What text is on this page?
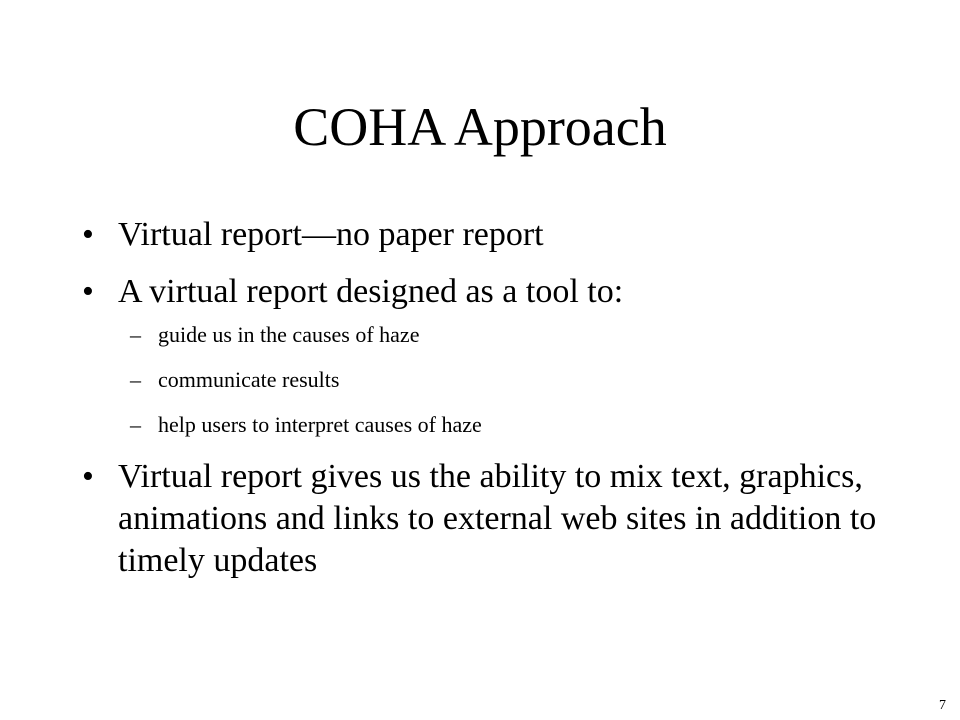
COHA Approach
• Virtual report—no paper report
• A virtual report designed as a tool to:
– guide us in the causes of haze
– communicate results
– help users to interpret causes of haze
• Virtual report gives us the ability to mix text, graphics, animations and links to external web sites in addition to timely updates
7
